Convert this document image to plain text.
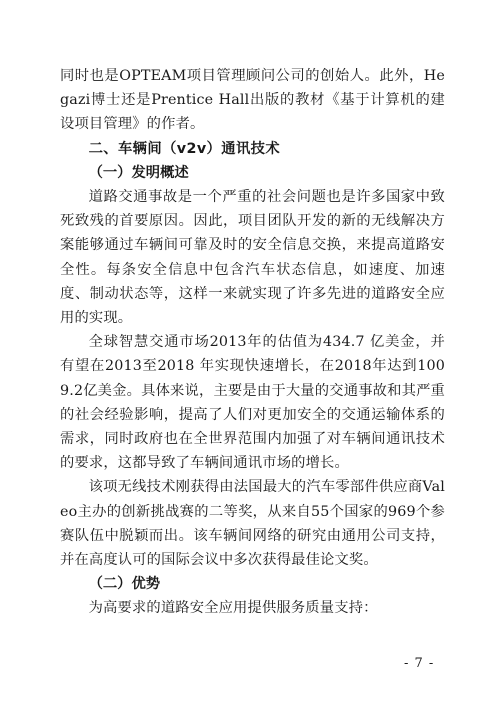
同时也是OPTEAM项目管理顾问公司的创始人。此外，Hegazi博士还是Prentice Hall出版的教材《基于计算机的建设项目管理》的作者。

二、车辆间（v2v）通讯技术
（一）发明概述

道路交通事故是一个严重的社会问题也是许多国家中致死致残的首要原因。因此，项目团队开发的新的无线解决方案能够通过车辆间可靠及时的安全信息交换，来提高道路安全性。每条安全信息中包含汽车状态信息，如速度、加速度、制动状态等，这样一来就实现了许多先进的道路安全应用的实现。

全球智慧交通市场2013年的估值为434.7 亿美金，并有望在2013至2018 年实现快速增长，在2018年达到1009.2亿美金。具体来说，主要是由于大量的交通事故和其严重的社会经验影响，提高了人们对更加安全的交通运输体系的需求，同时政府也在全世界范围内加强了对车辆间通讯技术的要求，这都导致了车辆间通讯市场的增长。

该项无线技术刚获得由法国最大的汽车零部件供应商Valeo主办的创新挑战赛的二等奖，从来自55个国家的969个参赛队伍中脱颖而出。该车辆间网络的研究由通用公司支持，并在高度认可的国际会议中多次获得最佳论文奖。

（二）优势

为高要求的道路安全应用提供服务质量支持：

- 7 -
